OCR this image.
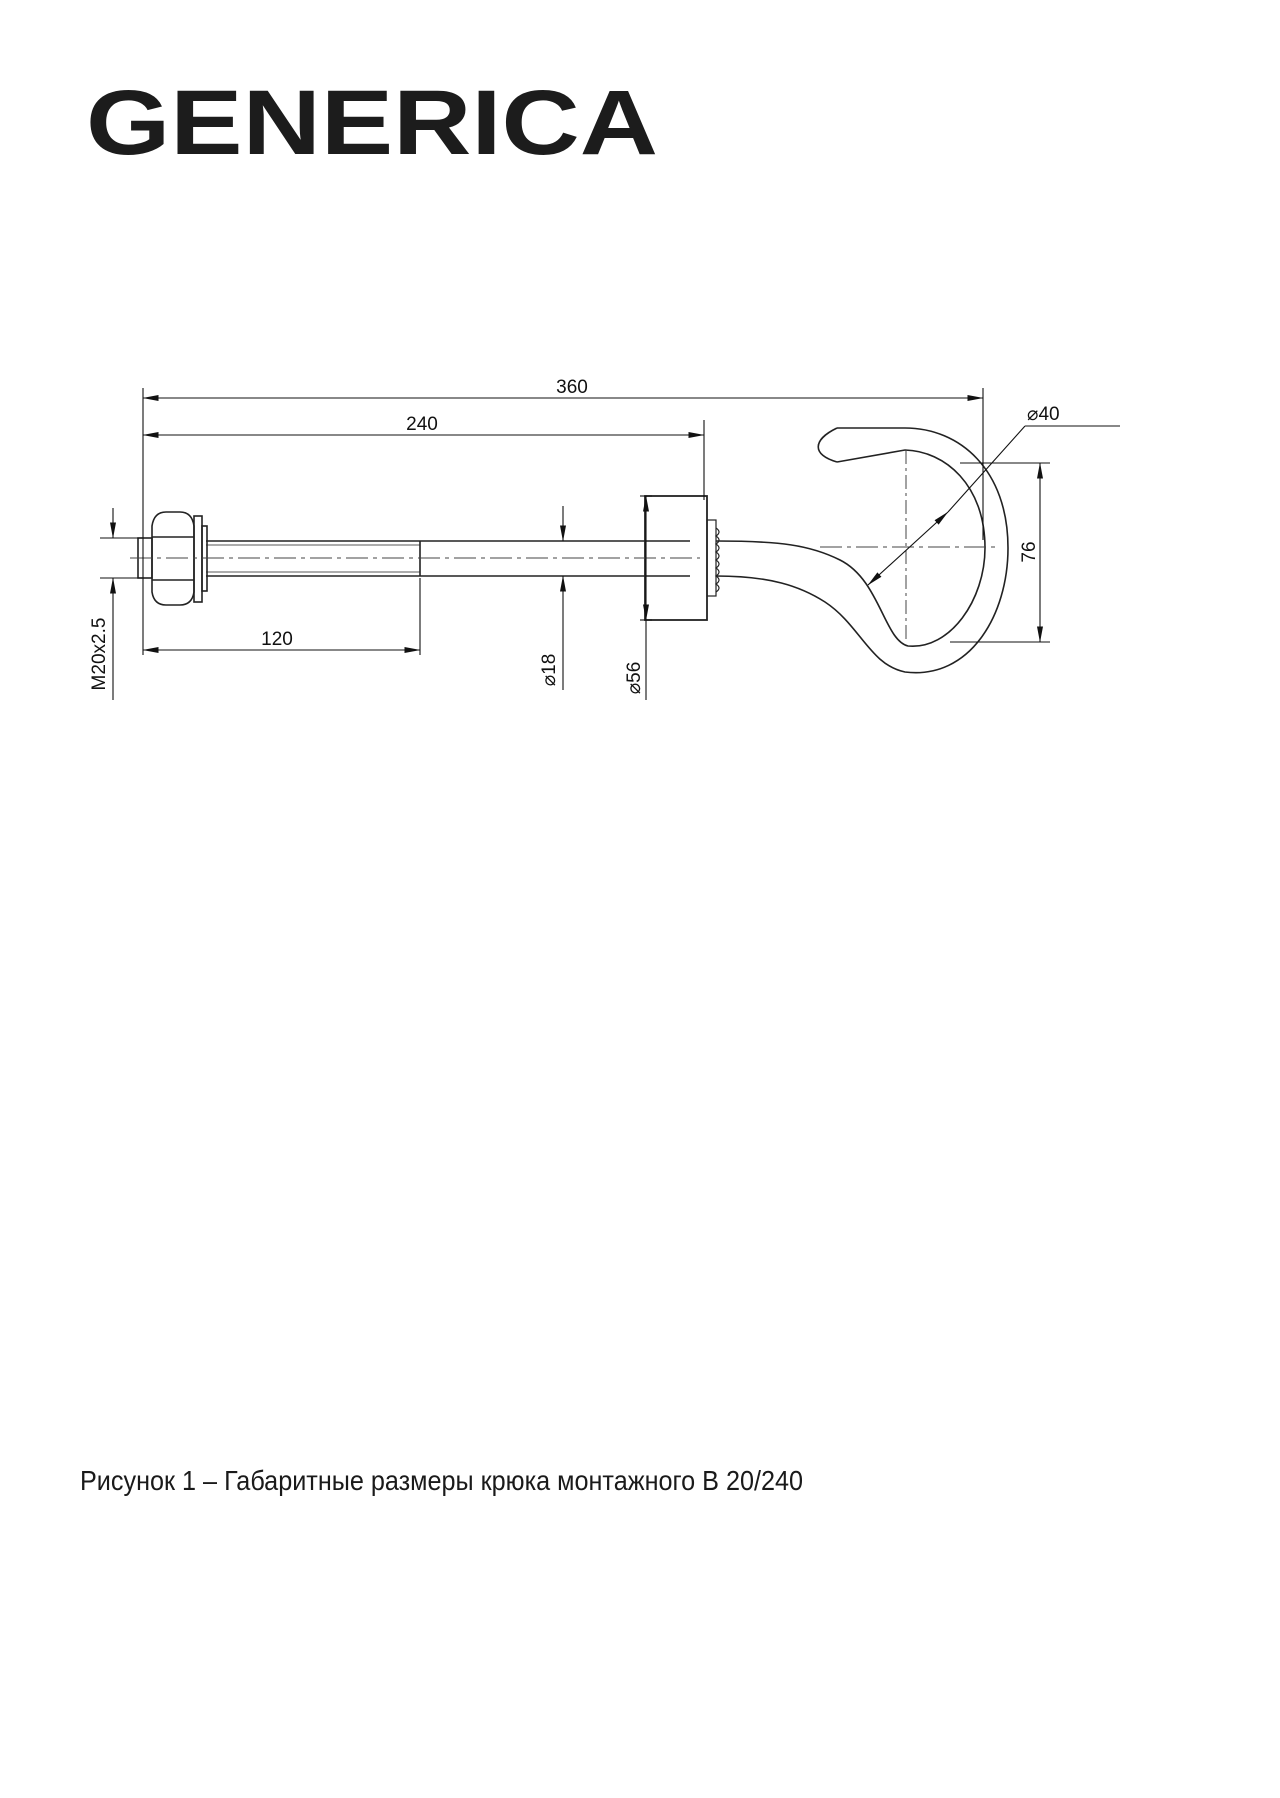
GENERICA
360
240
120
⌀40
76
⌀18	⌀56
M20x2.5
Рисунок 1 – Габаритные размеры крюка монтажного В 20/240
